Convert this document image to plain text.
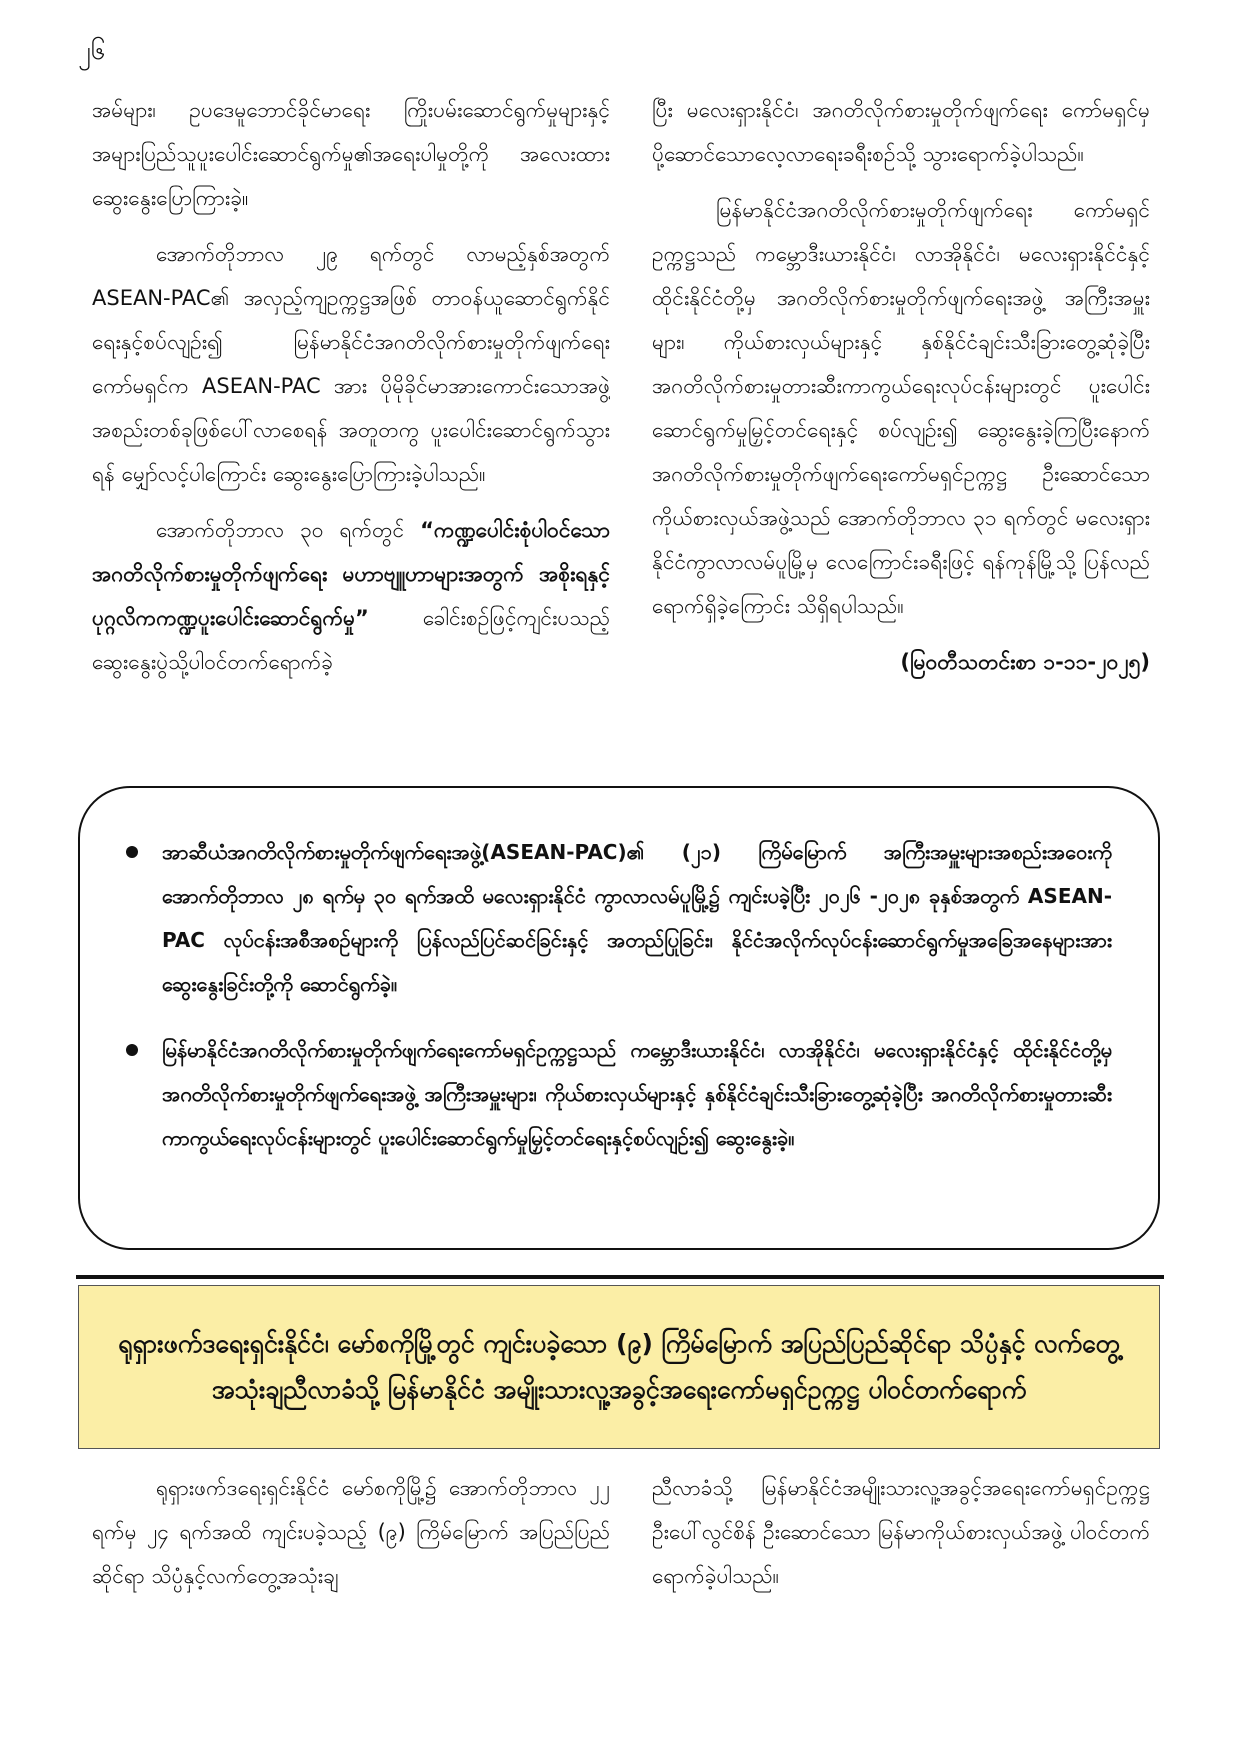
၂၆

အမ်များ၊ ဥပဒေမူဘောင်ခိုင်မာရေး ကြိုးပမ်းဆောင်ရွက်မှုများနှင့် အများပြည်သူပူးပေါင်းဆောင်ရွက်မှု၏အရေးပါမှုတို့ကို အလေးထားဆွေးနွေးပြောကြားခဲ့။

အောက်တိုဘာလ ၂၉ ရက်တွင် လာမည့်နှစ်အတွက် ASEAN-PAC၏ အလှည့်ကျဥက္ကဋ္ဌအဖြစ် တာဝန်ယူဆောင်ရွက်နိုင်ရေးနှင့်စပ်လျဉ်း၍ မြန်မာနိုင်ငံအဂတိလိုက်စားမှုတိုက်ဖျက်ရေးကော်မရှင်က ASEAN-PAC အား ပိုမိုခိုင်မာအားကောင်းသောအဖွဲ့အစည်းတစ်ခုဖြစ်ပေါ်လာစေရန် အတူတကွ ပူးပေါင်းဆောင်ရွက်သွားရန် မျှော်လင့်ပါကြောင်း ဆွေးနွေးပြောကြားခဲ့ပါသည်။

အောက်တိုဘာလ ၃၀ ရက်တွင် “ကဏ္ဍပေါင်းစုံပါဝင်သော အဂတိလိုက်စားမှုတိုက်ဖျက်ရေး မဟာဗျူဟာများအတွက် အစိုးရနှင့် ပုဂ္ဂလိကကဏ္ဍပူးပေါင်းဆောင်ရွက်မှု”	ခေါင်းစဉ်ဖြင့်ကျင်းပသည့် ဆွေးနွေးပွဲသို့ပါဝင်တက်ရောက်ခဲ့

ပြီး မလေးရှားနိုင်ငံ၊ အဂတိလိုက်စားမှုတိုက်ဖျက်ရေး ကော်မရှင်မှ ပို့ဆောင်သောလေ့လာရေးခရီးစဉ်သို့ သွားရောက်ခဲ့ပါသည်။

မြန်မာနိုင်ငံအဂတိလိုက်စားမှုတိုက်ဖျက်ရေး ကော်မရှင်ဥက္ကဋ္ဌသည် ကမ္ဘောဒီးယားနိုင်ငံ၊ လာအိုနိုင်ငံ၊ မလေးရှားနိုင်ငံနှင့် ထိုင်းနိုင်ငံတို့မှ အဂတိလိုက်စားမှုတိုက်ဖျက်ရေးအဖွဲ့ အကြီးအမှူးများ၊ ကိုယ်စားလှယ်များနှင့် နှစ်နိုင်ငံချင်းသီးခြားတွေ့ဆုံခဲ့ပြီး အဂတိလိုက်စားမှုတားဆီးကာကွယ်ရေးလုပ်ငန်းများတွင် ပူးပေါင်းဆောင်ရွက်မှုမြှင့်တင်ရေးနှင့် စပ်လျဉ်း၍ ဆွေးနွေးခဲ့ကြပြီးနောက် အဂတိလိုက်စားမှုတိုက်ဖျက်ရေးကော်မရှင်ဥက္ကဋ္ဌ ဦးဆောင်သောကိုယ်စားလှယ်အဖွဲ့သည် အောက်တိုဘာလ ၃၁ ရက်တွင် မလေးရှားနိုင်ငံကွာလာလမ်ပူမြို့မှ လေကြောင်းခရီးဖြင့် ရန်ကုန်မြို့သို့ ပြန်လည်ရောက်ရှိခဲ့ကြောင်း သိရှိရပါသည်။

(မြဝတီသတင်းစာ ၁-၁၁-၂၀၂၅)

အာဆီယံအဂတိလိုက်စားမှုတိုက်ဖျက်ရေးအဖွဲ့(ASEAN-PAC)၏ (၂၁) ကြိမ်မြောက် အကြီးအမှူးများအစည်းအဝေးကို အောက်တိုဘာလ ၂၈ ရက်မှ ၃၀ ရက်အထိ မလေးရှားနိုင်ငံ ကွာလာလမ်ပူမြို့၌ ကျင်းပခဲ့ပြီး ၂၀၂၆ -၂၀၂၈ ခုနှစ်အတွက် ASEAN-PAC လုပ်ငန်းအစီအစဉ်များကို ပြန်လည်ပြင်ဆင်ခြင်းနှင့် အတည်ပြုခြင်း၊ နိုင်ငံအလိုက်လုပ်ငန်းဆောင်ရွက်မှုအခြေအနေများအား ဆွေးနွေးခြင်းတို့ကို ဆောင်ရွက်ခဲ့။
မြန်မာနိုင်ငံအဂတိလိုက်စားမှုတိုက်ဖျက်ရေးကော်မရှင်ဥက္ကဋ္ဌသည် ကမ္ဘောဒီးယားနိုင်ငံ၊ လာအိုနိုင်ငံ၊ မလေးရှားနိုင်ငံနှင့် ထိုင်းနိုင်ငံတို့မှ အဂတိလိုက်စားမှုတိုက်ဖျက်ရေးအဖွဲ့ အကြီးအမှူးများ၊ ကိုယ်စားလှယ်များနှင့် နှစ်နိုင်ငံချင်းသီးခြားတွေ့ဆုံခဲ့ပြီး အဂတိလိုက်စားမှုတားဆီးကာကွယ်ရေးလုပ်ငန်းများတွင် ပူးပေါင်းဆောင်ရွက်မှုမြှင့်တင်ရေးနှင့်စပ်လျဉ်း၍ ဆွေးနွေးခဲ့။
ရုရှားဖက်ဒရေးရှင်းနိုင်ငံ၊ မော်စကိုမြို့တွင် ကျင်းပခဲ့သော (၉) ကြိမ်မြောက် အပြည်ပြည်ဆိုင်ရာ သိပ္ပံနှင့် လက်တွေ့အသုံးချညီလာခံသို့ မြန်မာနိုင်ငံ အမျိုးသားလူ့အခွင့်အရေးကော်မရှင်ဥက္ကဋ္ဌ ပါဝင်တက်ရောက်

ရုရှားဖက်ဒရေးရှင်းနိုင်ငံ မော်စကိုမြို့၌ အောက်တိုဘာလ ၂၂ ရက်မှ ၂၄ ရက်အထိ ကျင်းပခဲ့သည့် (၉) ကြိမ်မြောက် အပြည်ပြည်ဆိုင်ရာ သိပ္ပံနှင့်လက်တွေ့အသုံးချ

ညီလာခံသို့ မြန်မာနိုင်ငံအမျိုးသားလူ့အခွင့်အရေးကော်မရှင်ဥက္ကဋ္ဌ ဦးပေါ်လွင်စိန် ဦးဆောင်သော မြန်မာကိုယ်စားလှယ်အဖွဲ့ ပါဝင်တက်ရောက်ခဲ့ပါသည်။
